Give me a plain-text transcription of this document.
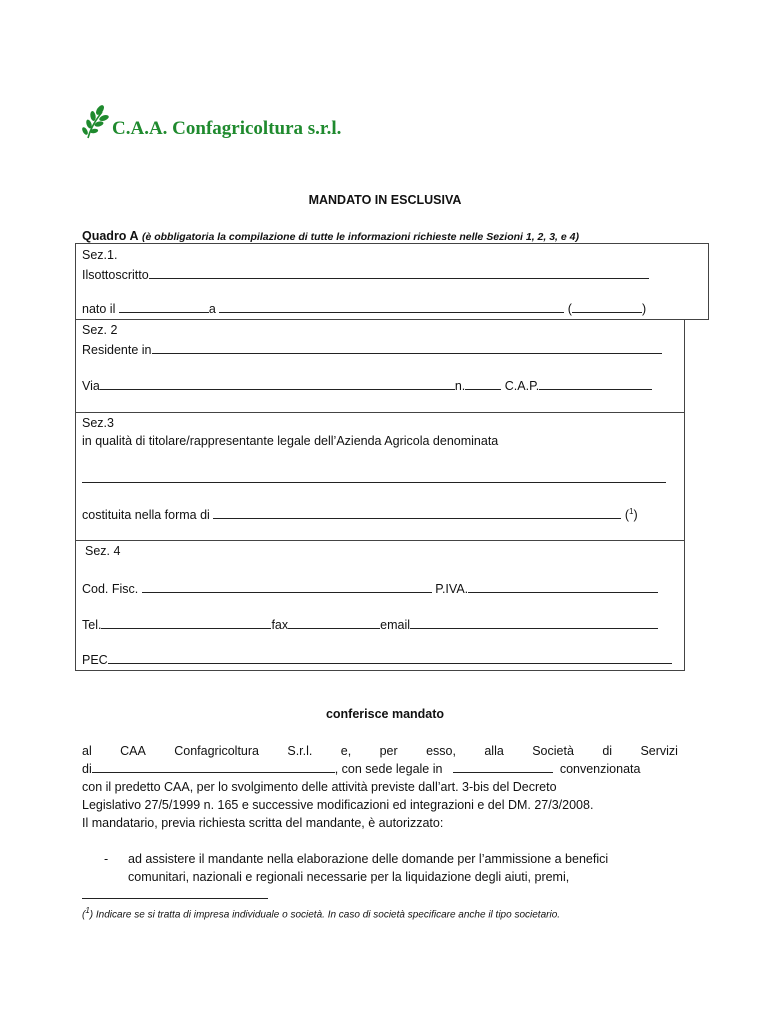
C.A.A. Confagricoltura s.r.l.
MANDATO IN ESCLUSIVA
Quadro A (è obbligatoria la compilazione di tutte le informazioni richieste nelle Sezioni 1, 2, 3, e 4)
Sez.1.
Ilsottoscritto
nato il	a	(	)
Sez. 2
Residente in
Via	n.	C.A.P.
Sez.3
in qualità di titolare/rappresentante legale dell’Azienda Agricola denominata
costituita nella forma di	($^1$)
Sez. 4
Cod. Fisc.	P.IVA.
Tel.	fax	email
PEC
conferisce mandato
al CAA Confagricoltura S.r.l. e, per esso, alla Società di Servizi
di	, con sede legale in

	convenzionata
con il predetto CAA, per lo svolgimento delle attività previste dall’art. 3-bis del Decreto
Legislativo 27/5/1999 n. 165 e successive modificazioni ed integrazioni e del DM. 27/3/2008.
Il mandatario, previa richiesta scritta del mandante, è autorizzato:
- ad assistere il mandante nella elaborazione delle domande per l’ammissione a benefici
comunitari, nazionali e regionali necessarie per la liquidazione degli aiuti, premi,
($^1$) Indicare se si tratta di impresa individuale o società. In caso di società specificare anche il tipo societario.
